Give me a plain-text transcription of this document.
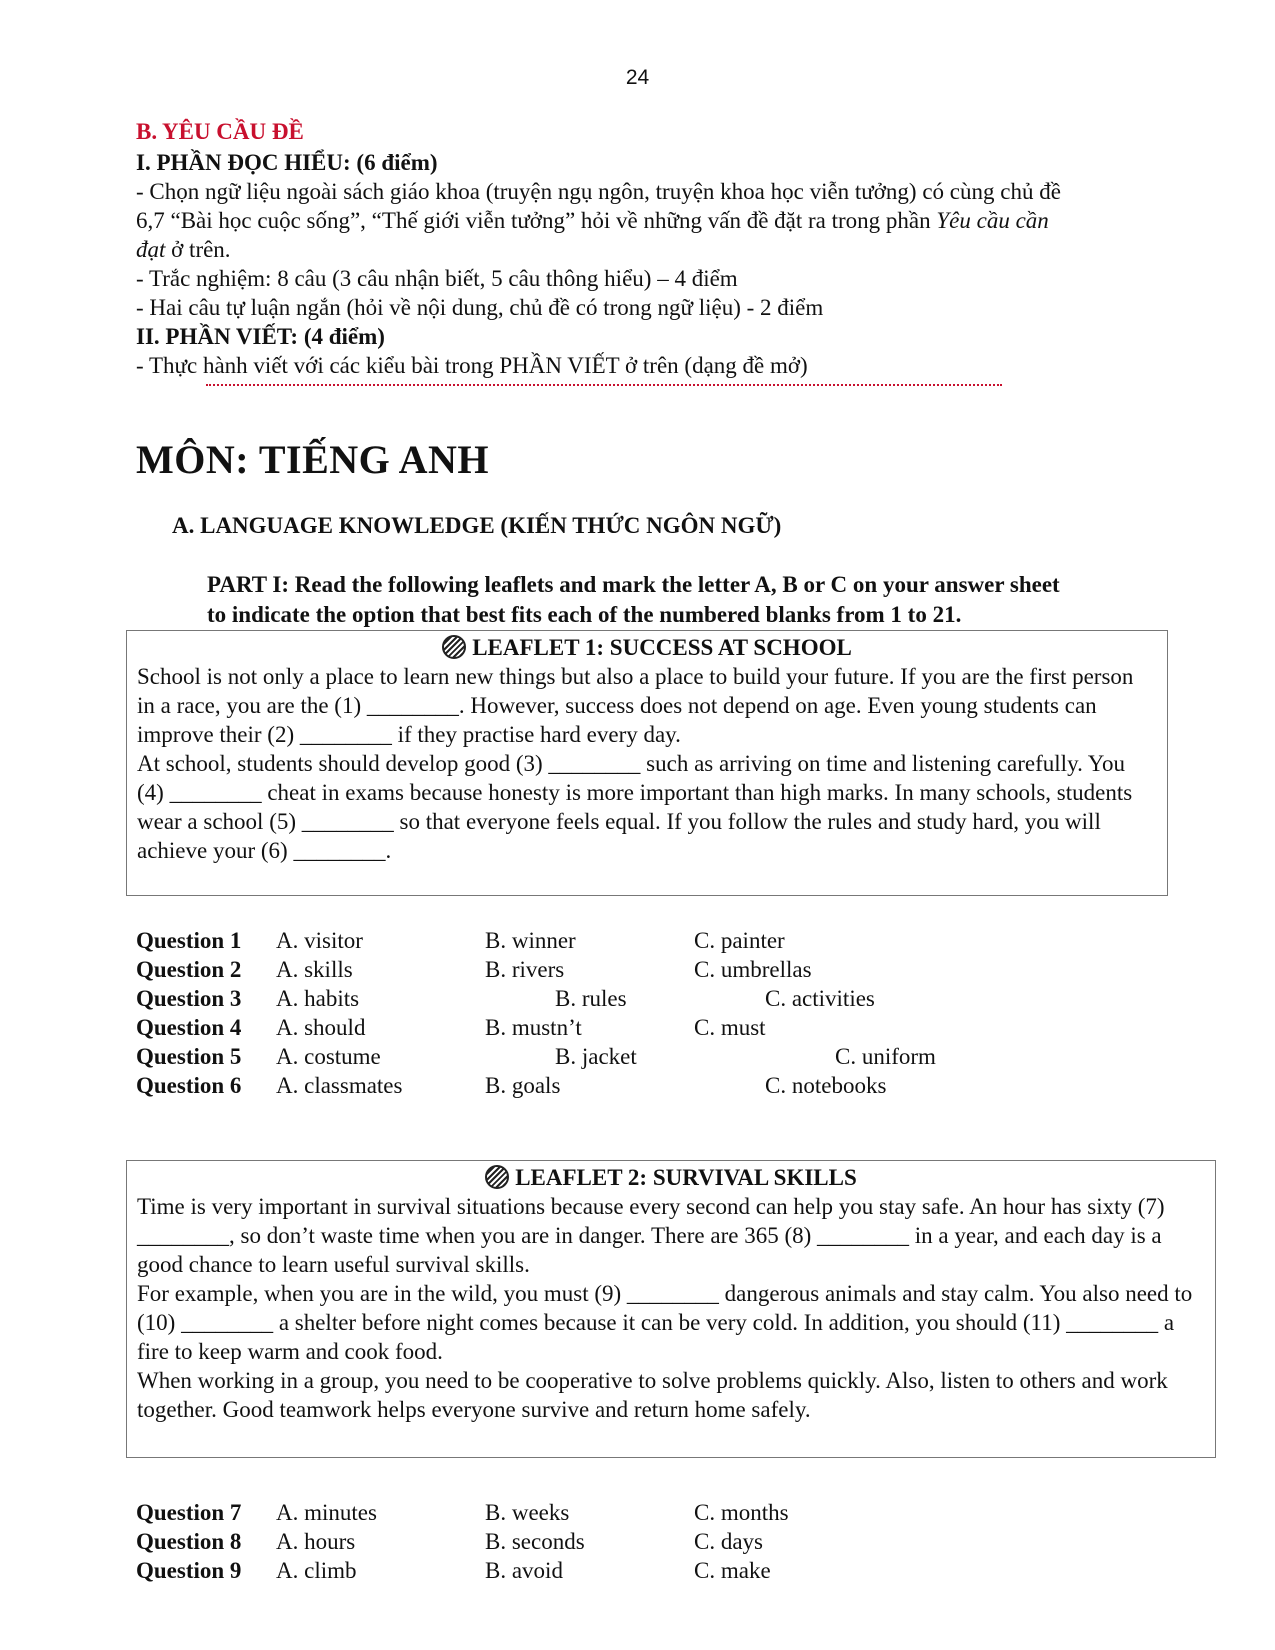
24
B. YÊU CẦU ĐỀ
I. PHẦN ĐỌC HIỂU: (6 điểm)
- Chọn ngữ liệu ngoài sách giáo khoa (truyện ngụ ngôn, truyện khoa học viễn tưởng) có cùng chủ đề
6,7 “Bài học cuộc sống”, “Thế giới viễn tưởng” hỏi về những vấn đề đặt ra trong phần Yêu cầu cần
đạt ở trên.
- Trắc nghiệm: 8 câu (3 câu nhận biết, 5 câu thông hiểu) – 4 điểm
- Hai câu tự luận ngắn (hỏi về nội dung, chủ đề có trong ngữ liệu) - 2 điểm
II. PHẦN VIẾT: (4 điểm)
- Thực hành viết với các kiểu bài trong PHẦN VIẾT ở trên (dạng đề mở)
MÔN: TIẾNG ANH
A. LANGUAGE KNOWLEDGE (KIẾN THỨC NGÔN NGỮ)
PART I: Read the following leaflets and mark the letter A, B or C on your answer sheet
to indicate the option that best fits each of the numbered blanks from 1 to 21.
LEAFLET 1: SUCCESS AT SCHOOL

School is not only a place to learn new things but also a place to build your future. If you are the first person in a race, you are the (1) ________. However, success does not depend on age. Even young students can improve their (2) ________ if they practise hard every day.

At school, students should develop good (3) ________ such as arriving on time and listening carefully. You (4) ________ cheat in exams because honesty is more important than high marks. In many schools, students wear a school (5) ________ so that everyone feels equal. If you follow the rules and study hard, you will achieve your (6) ________.

Question 1 A. visitor	B. winner	C. painter
Question 2 A. skills	B. rivers	C. umbrellas
Question 3 A. habits	B. rules	C. activities
Question 4 A. should	B. mustn’t	C. must
Question 5 A. costume	B. jacket	C. uniform
Question 6 A. classmates	B. goals	C. notebooks
LEAFLET 2: SURVIVAL SKILLS

Time is very important in survival situations because every second can help you stay safe. An hour has sixty (7) ________, so don’t waste time when you are in danger. There are 365 (8) ________ in a year, and each day is a good chance to learn useful survival skills.

For example, when you are in the wild, you must (9) ________ dangerous animals and stay calm. You also need to (10) ________ a shelter before night comes because it can be very cold. In addition, you should (11) ________ a fire to keep warm and cook food.

When working in a group, you need to be cooperative to solve problems quickly. Also, listen to others and work together. Good teamwork helps everyone survive and return home safely.

Question 7 A. minutes	B. weeks	C. months
Question 8 A. hours	B. seconds	C. days
Question 9 A. climb	B. avoid	C. make
